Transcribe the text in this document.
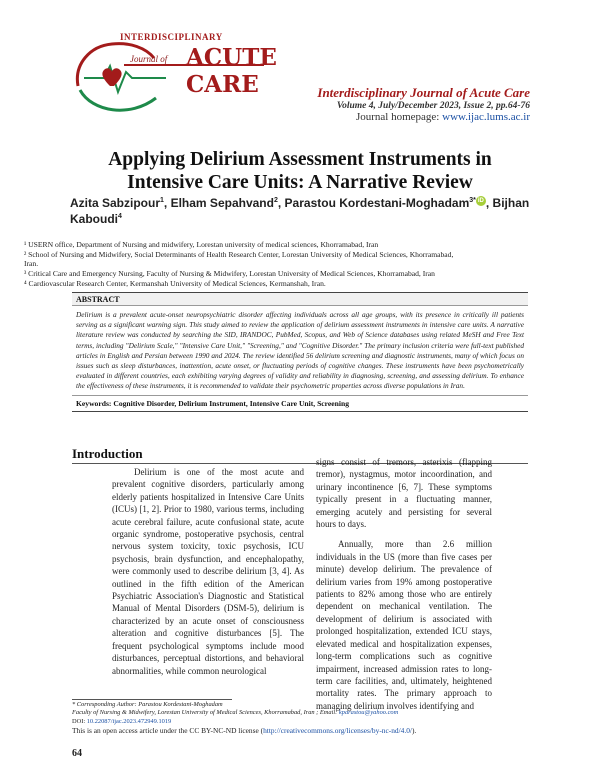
INTERDISCIPLINARY
Journal of ACUTE CARE	Interdisciplinary Journal of Acute Care
Volume 4, July/December 2023, Issue 2, pp.64-76
Journal homepage: www.ijac.lums.ac.ir
Applying Delirium Assessment Instruments in
Intensive Care Units: A Narrative Review
Azita Sabzipour$^1$, Elham Sepahvand$^2$, Parastou Kordestani-Moghadam$^{3*}$ iD , Bijhan Kaboudi$^4$
¹ USERN office, Department of Nursing and midwifery, Lorestan university of medical sciences, Khorramabad, Iran
² School of Nursing and Midwifery, Social Determinants of Health Research Center, Lorestan University of Medical Sciences, Khorramabad,
Iran.
³ Critical Care and Emergency Nursing, Faculty of Nursing & Midwifery, Lorestan University of Medical Sciences, Khorramabad, Iran
⁴ Cardiovascular Research Center, Kermanshah University of Medical Sciences, Kermanshah, Iran.
ABSTRACT
Delirium is a prevalent acute-onset neuropsychiatric disorder affecting individuals across all age groups, with its presence in critically ill patients serving as a significant warning sign. This study aimed to review the application of delirium assessment instruments in intensive care units. A narrative literature review was conducted by searching the SID, IRANDOC, PubMed, Scopus, and Web of Science databases using related MeSH and Free Text terms, including "Delirium Scale," "Intensive Care Unit," "Screening," and "Cognitive Disorder." The primary inclusion criteria were full-text published articles in English and Persian between 1990 and 2024. The review identified 56 delirium screening and diagnostic instruments, many of which focus on issues such as sleep disturbances, inattention, acute onset, or fluctuating periods of cognitive changes. These instruments have been psychometrically evaluated in different countries, each exhibiting varying degrees of validity and reliability in diagnosing, screening, and assessing delirium. To enhance the effectiveness of these instruments, it is recommended to validate their psychometric properties across diverse populations in Iran.
Keywords: Cognitive Disorder, Delirium Instrument, Intensive Care Unit, Screening
Introduction

Delirium is one of the most acute and prevalent cognitive disorders, particularly among elderly patients hospitalized in Intensive Care Units (ICUs) [1, 2]. Prior to 1980, various terms, including acute cerebral failure, acute confusional state, acute organic syndrome, postoperative psychosis, central nervous system toxicity, toxic psychosis, ICU psychosis, brain dysfunction, and encephalopathy, were commonly used to describe delirium [3, 4]. As outlined in the fifth edition of the American Psychiatric Association's Diagnostic and Statistical Manual of Mental Disorders (DSM-5), delirium is characterized by an acute onset of consciousness alteration and cognitive disturbances [5]. The frequent psychological symptoms include mood disturbances, perceptual distortions, and behavioral abnormalities, while common neurological

signs consist of tremors, asterixis (flapping tremor), nystagmus, motor incoordination, and urinary incontinence [6, 7]. These symptoms typically present in a fluctuating manner, emerging acutely and persisting for several hours to days.

Annually, more than 2.6 million individuals in the US (more than five cases per minute) develop delirium. The prevalence of delirium varies from 19% among postoperative patients to 82% among those who are entirely dependent on mechanical ventilation. The development of delirium is associated with prolonged hospitalization, extended ICU stays, elevated medical and hospitalization expenses, long-term complications such as cognitive impairment, increased admission rates to long-term care facilities, and, ultimately, heightened mortality rates. The primary approach to managing delirium involves identifying and

* Corresponding Author: Parastou Kordestani-Moghadam
Faculty of Nursing & Midwifery, Lorestan University of Medical Sciences, Khorramabad, Iran ; Email: kparastou@yahoo.com
DOI: 10.22087/ijac.2023.472949.1019
This is an open access article under the CC BY-NC-ND license (http://creativecommons.org/licenses/by-nc-nd/4.0/).
64
